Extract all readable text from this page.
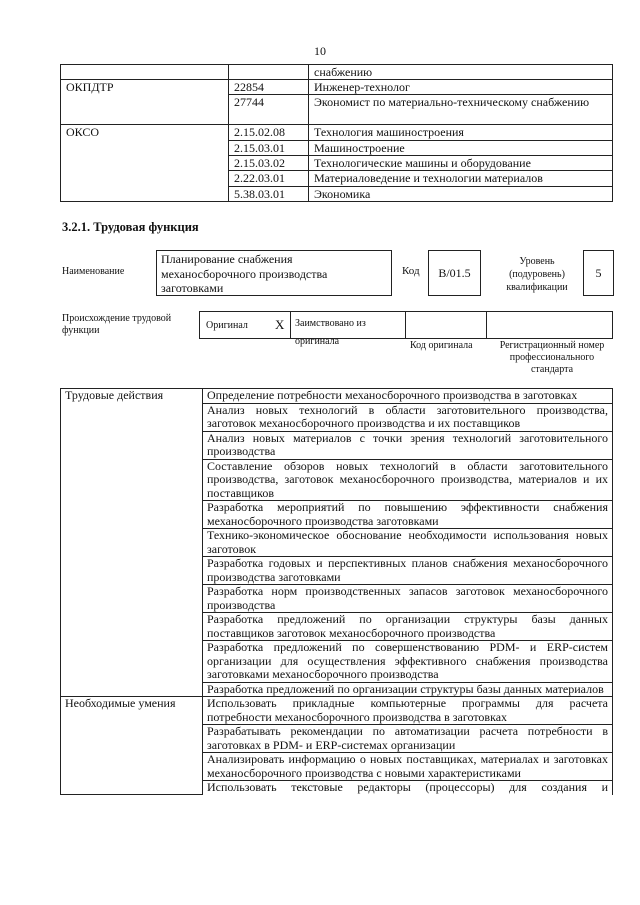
10
		снабжению
ОКПДТР	22854	Инженер-технолог
	27744	Экономист по материально-техническому снабжению
ОКСО	2.15.02.08	Технология машиностроения
	2.15.03.01	Машиностроение
	2.15.03.02	Технологические машины и оборудование
	2.22.03.01	Материаловедение и технологии материалов
	5.38.03.01	Экономика
3.2.1. Трудовая функция
Наименование
Планирование снабжения механосборочного производства заготовками
Код	B/01.5
Уровень (подуровень) квалификации
5
Происхождение трудовой функции	Оригинал X	Заимствовано из оригинала	Код оригинала	Регистрационный номер профессионального стандарта
Трудовые действия	Определение потребности механосборочного производства в заготовках
	Анализ новых технологий в области заготовительного производства, заготовок механосборочного производства и их поставщиков
	Анализ новых материалов с точки зрения технологий заготовительного производства
	Составление обзоров новых технологий в области заготовительного производства, заготовок механосборочного производства, материалов и их поставщиков
	Разработка мероприятий по повышению эффективности снабжения механосборочного производства заготовками
	Технико-экономическое обоснование необходимости использования новых заготовок
	Разработка годовых и перспективных планов снабжения механосборочного производства заготовками
	Разработка норм производственных запасов заготовок механосборочного производства
	Разработка предложений по организации структуры базы данных поставщиков заготовок механосборочного производства
	Разработка предложений по совершенствованию PDM- и ERP-систем организации для осуществления эффективного снабжения производства заготовками механосборочного производства
	Разработка предложений по организации структуры базы данных материалов
Необходимые умения	Использовать прикладные компьютерные программы для расчета потребности механосборочного производства в заготовках
	Разрабатывать рекомендации по автоматизации расчета потребности в заготовках в PDM- и ERP-системах организации
	Анализировать информацию о новых поставщиках, материалах и заготовках механосборочного производства с новыми характеристиками
	Использовать текстовые редакторы (процессоры) для создания и
